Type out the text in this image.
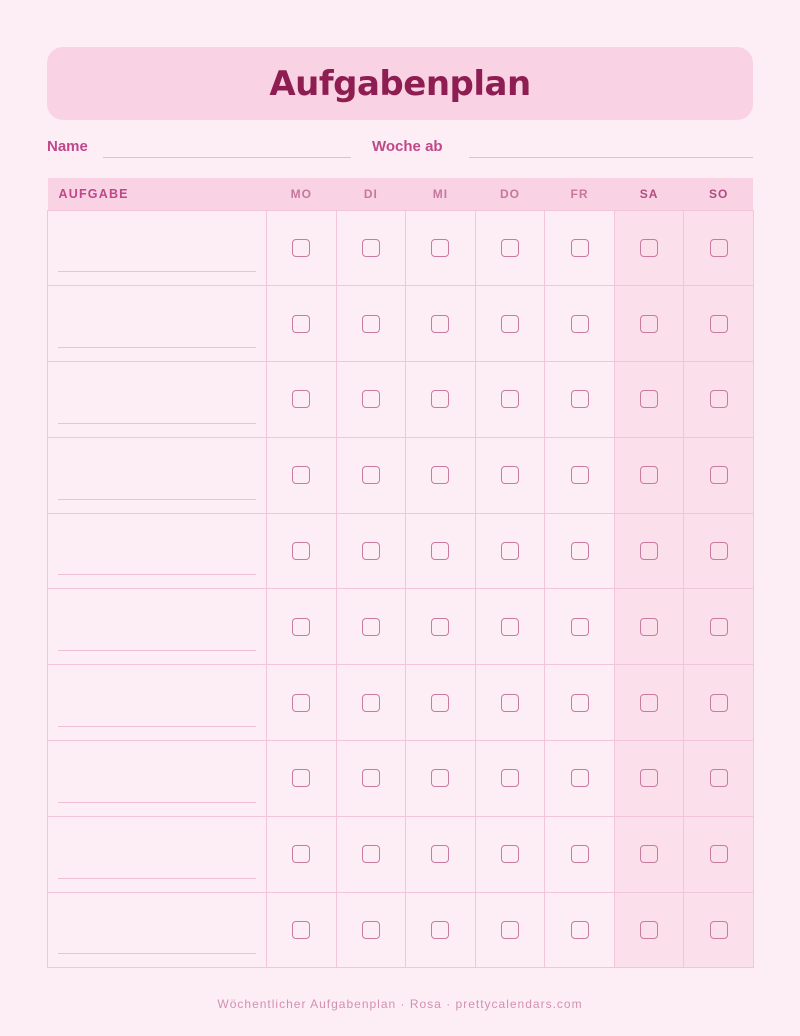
Aufgabenplan
Name	Woche ab
AUFGABE	MO	DI	MI	DO	FR	SA	SO

Wöchentlicher Aufgabenplan · Rosa · prettycalendars.com
